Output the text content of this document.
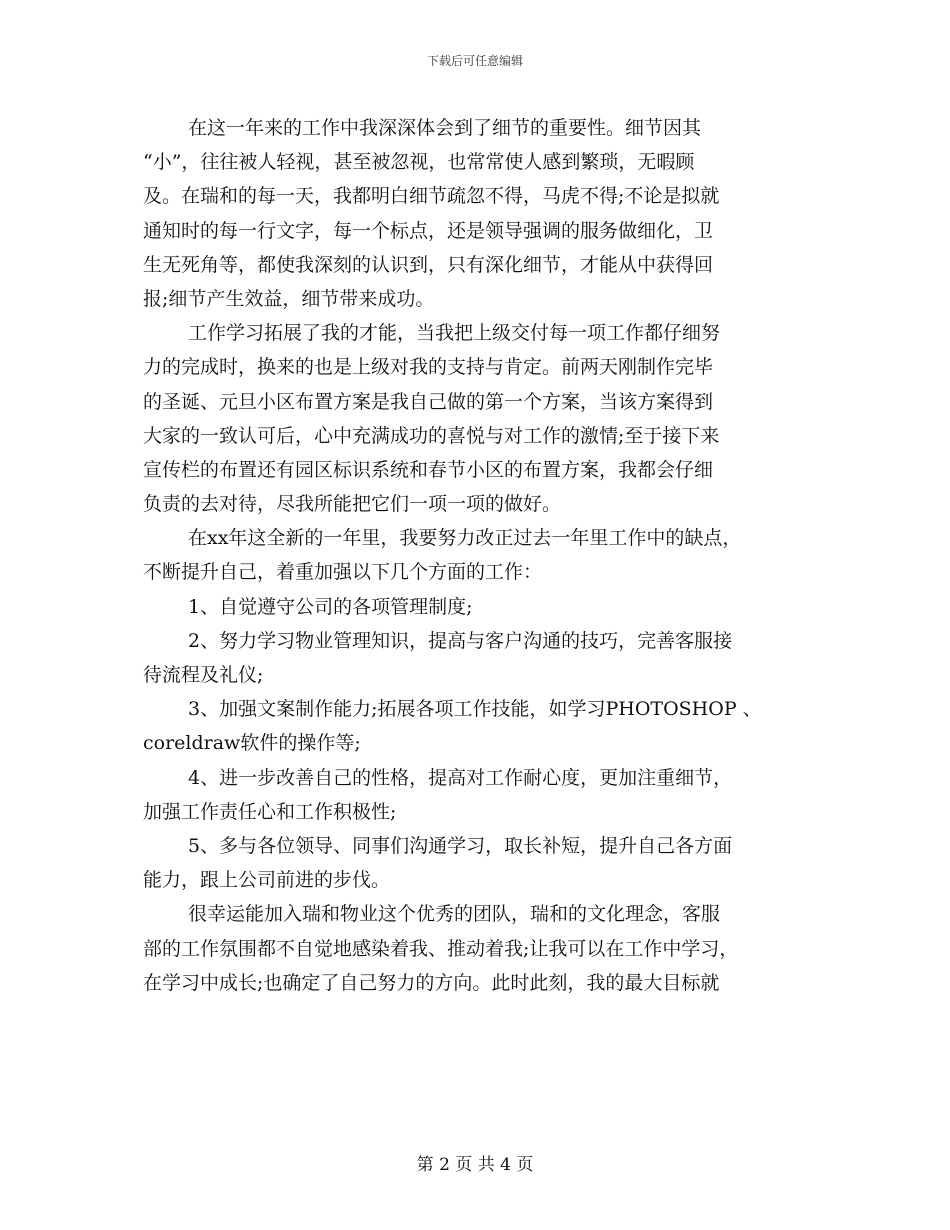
下载后可任意编辑
在这一年来的工作中我深深体会到了细节的重要性。细节因其
“小”，往往被人轻视，甚至被忽视，也常常使人感到繁琐，无暇顾
及。在瑞和的每一天，我都明白细节疏忽不得，马虎不得;不论是拟就
通知时的每一行文字，每一个标点，还是领导强调的服务做细化，卫
生无死角等，都使我深刻的认识到，只有深化细节，才能从中获得回
报;细节产生效益，细节带来成功。
工作学习拓展了我的才能，当我把上级交付每一项工作都仔细努
力的完成时，换来的也是上级对我的支持与肯定。前两天刚制作完毕
的圣诞、元旦小区布置方案是我自己做的第一个方案，当该方案得到
大家的一致认可后，心中充满成功的喜悦与对工作的激情;至于接下来
宣传栏的布置还有园区标识系统和春节小区的布置方案，我都会仔细
负责的去对待，尽我所能把它们一项一项的做好。
在xx年这全新的一年里，我要努力改正过去一年里工作中的缺点，
不断提升自己，着重加强以下几个方面的工作：
1、自觉遵守公司的各项管理制度;
2、努力学习物业管理知识，提高与客户沟通的技巧，完善客服接
待流程及礼仪;
3、加强文案制作能力;拓展各项工作技能，如学习PHOTOSHOP 、
coreldraw软件的操作等;
4、进一步改善自己的性格，提高对工作耐心度，更加注重细节，
加强工作责任心和工作积极性;
5、多与各位领导、同事们沟通学习，取长补短，提升自己各方面
能力，跟上公司前进的步伐。
很幸运能加入瑞和物业这个优秀的团队，瑞和的文化理念，客服
部的工作氛围都不自觉地感染着我、推动着我;让我可以在工作中学习，
在学习中成长;也确定了自己努力的方向。此时此刻，我的最大目标就
第 2 页 共 4 页
